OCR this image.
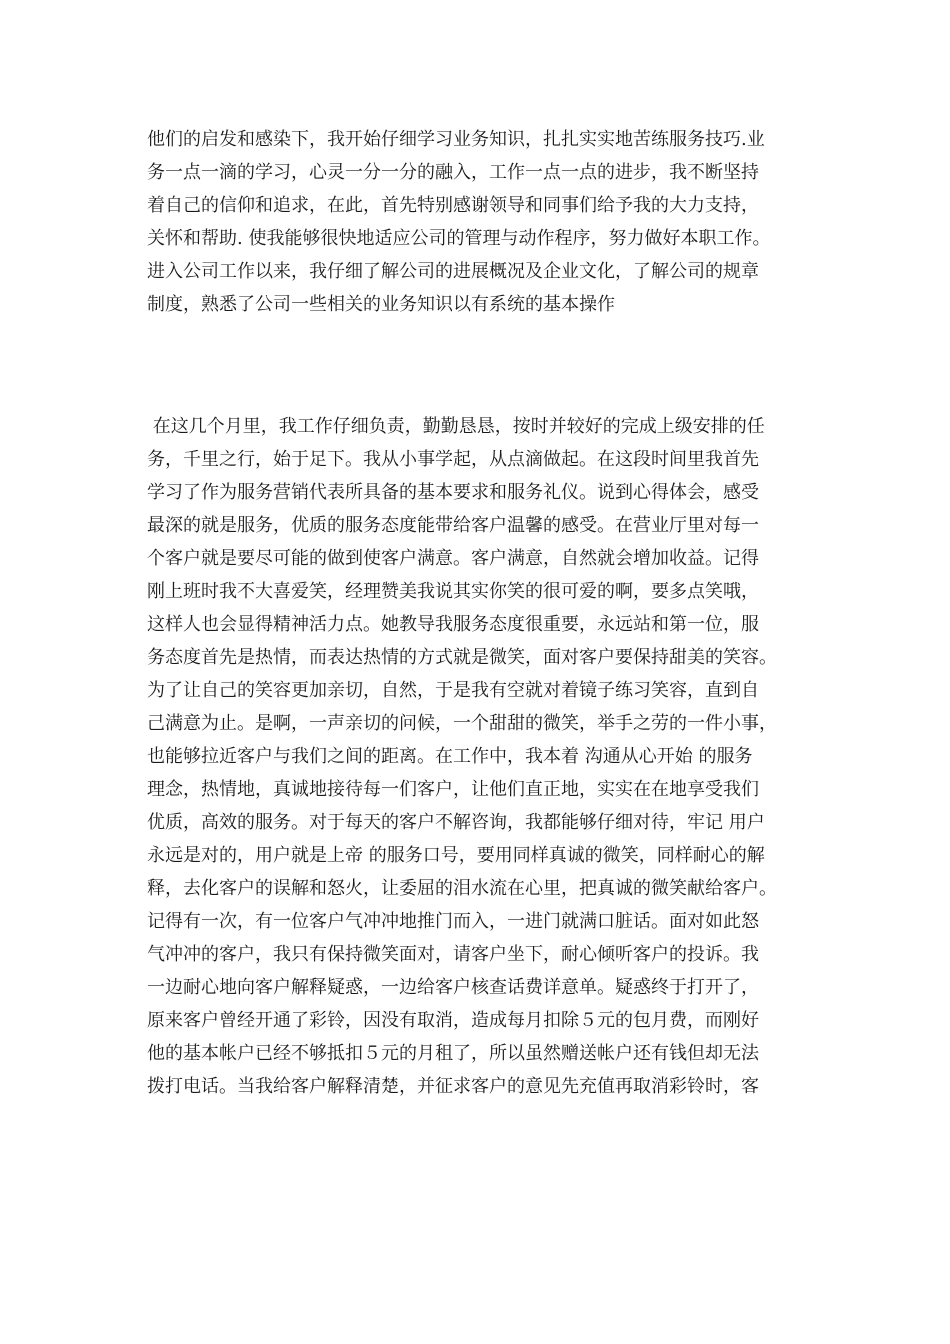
他们的启发和感染下，我开始仔细学习业务知识，扎扎实实地苦练服务技巧.业
务一点一滴的学习，心灵一分一分的融入，工作一点一点的进步，我不断坚持
着自己的信仰和追求，在此，首先特别感谢领导和同事们给予我的大力支持，
关怀和帮助. 使我能够很快地适应公司的管理与动作程序，努力做好本职工作。
进入公司工作以来，我仔细了解公司的进展概况及企业文化，了解公司的规章
制度，熟悉了公司一些相关的业务知识以有系统的基本操作
在这几个月里，我工作仔细负责，勤勤恳恳，按时并较好的完成上级安排的任
务，千里之行，始于足下。我从小事学起，从点滴做起。在这段时间里我首先
学习了作为服务营销代表所具备的基本要求和服务礼仪。说到心得体会，感受
最深的就是服务，优质的服务态度能带给客户温馨的感受。在营业厅里对每一
个客户就是要尽可能的做到使客户满意。客户满意，自然就会增加收益。记得
刚上班时我不大喜爱笑，经理赞美我说其实你笑的很可爱的啊，要多点笑哦，
这样人也会显得精神活力点。她教导我服务态度很重要，永远站和第一位，服
务态度首先是热情，而表达热情的方式就是微笑，面对客户要保持甜美的笑容。
为了让自己的笑容更加亲切，自然，于是我有空就对着镜子练习笑容，直到自
己满意为止。是啊，一声亲切的问候，一个甜甜的微笑，举手之劳的一件小事，
也能够拉近客户与我们之间的距离。在工作中，我本着 沟通从心开始 的服务
理念，热情地，真诚地接待每一们客户，让他们直正地，实实在在地享受我们
优质，高效的服务。对于每天的客户不解咨询，我都能够仔细对待，牢记 用户
永远是对的，用户就是上帝 的服务口号，要用同样真诚的微笑，同样耐心的解
释，去化客户的误解和怒火，让委屈的泪水流在心里，把真诚的微笑献给客户。
记得有一次，有一位客户气冲冲地推门而入，一进门就满口脏话。面对如此怒
气冲冲的客户，我只有保持微笑面对，请客户坐下，耐心倾听客户的投诉。我
一边耐心地向客户解释疑惑，一边给客户核查话费详意单。疑惑终于打开了，
原来客户曾经开通了彩铃，因没有取消，造成每月扣除５元的包月费，而刚好
他的基本帐户已经不够抵扣５元的月租了，所以虽然赠送帐户还有钱但却无法
拨打电话。当我给客户解释清楚，并征求客户的意见先充值再取消彩铃时，客
